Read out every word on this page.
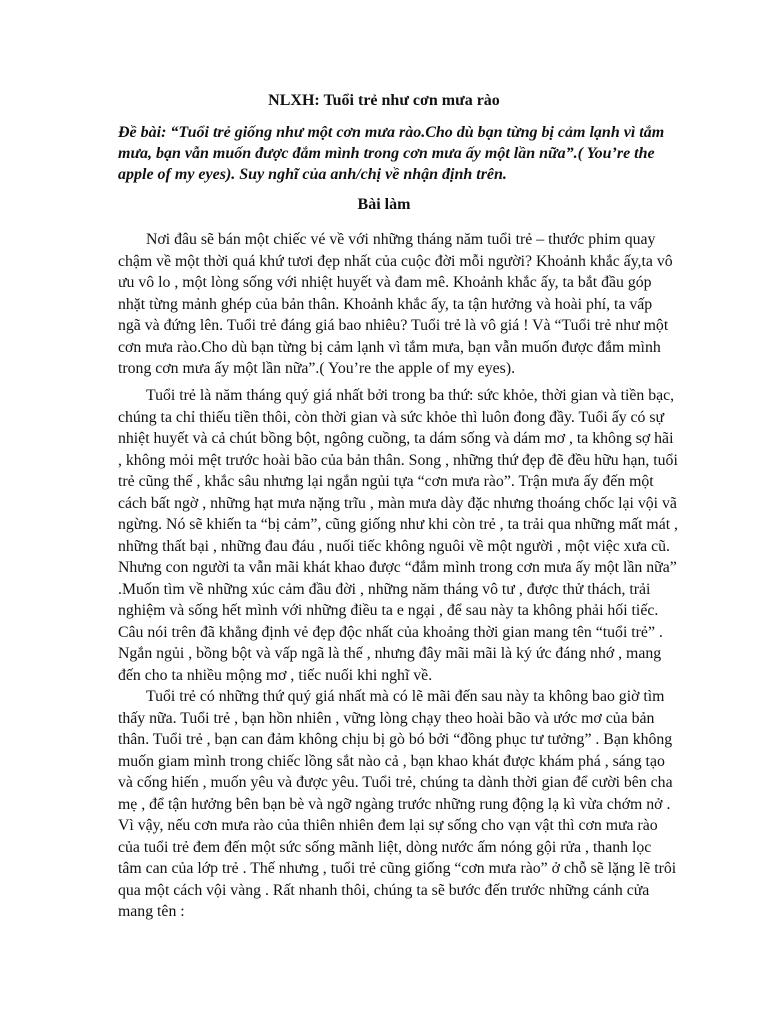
NLXH: Tuổi trẻ như cơn mưa rào

Đề bài: “Tuổi trẻ giống như một cơn mưa rào.Cho dù bạn từng bị cảm lạnh vì tắm mưa, bạn vẫn muốn được đắm mình trong cơn mưa ấy một lần nữa”.( You’re the apple of my eyes). Suy nghĩ của anh/chị về nhận định trên.

Bài làm

Nơi đâu sẽ bán một chiếc vé về với những tháng năm tuổi trẻ – thước phim quay chậm về một thời quá khứ tươi đẹp nhất của cuộc đời mỗi người? Khoảnh khắc ấy,ta vô ưu vô lo , một lòng sống với nhiệt huyết và đam mê. Khoảnh khắc ấy, ta bắt đầu góp nhặt từng mảnh ghép của bản thân. Khoảnh khắc ấy, ta tận hưởng và hoài phí, ta vấp ngã và đứng lên. Tuổi trẻ đáng giá bao nhiêu? Tuổi trẻ là vô giá ! Và “Tuổi trẻ như một cơn mưa rào.Cho dù bạn từng bị cảm lạnh vì tắm mưa, bạn vẫn muốn được đắm mình trong cơn mưa ấy một lần nữa”.( You’re the apple of my eyes).

Tuổi trẻ là năm tháng quý giá nhất bởi trong ba thứ: sức khỏe, thời gian và tiền bạc, chúng ta chỉ thiếu tiền thôi, còn thời gian và sức khỏe thì luôn đong đầy. Tuổi ấy có sự nhiệt huyết và cả chút bồng bột, ngông cuồng, ta dám sống và dám mơ , ta không sợ hãi , không mỏi mệt trước hoài bão của bản thân. Song , những thứ đẹp đẽ đều hữu hạn, tuổi trẻ cũng thế , khắc sâu nhưng lại ngắn ngủi tựa “cơn mưa rào”. Trận mưa ấy đến một cách bất ngờ , những hạt mưa nặng trĩu , màn mưa dày đặc nhưng thoáng chốc lại vội vã ngừng. Nó sẽ khiến ta “bị cảm”, cũng giống như khi còn trẻ , ta trải qua những mất mát , những thất bại , những đau đáu , nuối tiếc không nguôi về một người , một việc xưa cũ. Nhưng con người ta vẫn mãi khát khao được “đắm mình trong cơn mưa ấy một lần nữa” .Muốn tìm về những xúc cảm đầu đời , những năm tháng vô tư , được thử thách, trải nghiệm và sống hết mình với những điều ta e ngại , để sau này ta không phải hối tiếc. Câu nói trên đã khẳng định vẻ đẹp độc nhất của khoảng thời gian mang tên “tuổi trẻ” . Ngắn ngủi , bồng bột và vấp ngã là thế , nhưng đây mãi mãi là ký ức đáng nhớ , mang đến cho ta nhiều mộng mơ , tiếc nuối khi nghĩ về.

Tuổi trẻ có những thứ quý giá nhất mà có lẽ mãi đến sau này ta không bao giờ tìm thấy nữa. Tuổi trẻ , bạn hồn nhiên , vững lòng chạy theo hoài bão và ước mơ của bản thân. Tuổi trẻ , bạn can đảm không chịu bị gò bó bởi “đồng phục tư tưởng” . Bạn không muốn giam mình trong chiếc lồng sắt nào cả , bạn khao khát được khám phá , sáng tạo và cống hiến , muốn yêu và được yêu. Tuổi trẻ, chúng ta dành thời gian để cười bên cha mẹ , để tận hưởng bên bạn bè và ngỡ ngàng trước những rung động lạ kì vừa chớm nở . Vì vậy, nếu cơn mưa rào của thiên nhiên đem lại sự sống cho vạn vật thì cơn mưa rào của tuổi trẻ đem đến một sức sống mãnh liệt, dòng nước ấm nóng gội rửa , thanh lọc tâm can của lớp trẻ . Thế nhưng , tuổi trẻ cũng giống “cơn mưa rào” ở chỗ sẽ lặng lẽ trôi qua một cách vội vàng . Rất nhanh thôi, chúng ta sẽ bước đến trước những cánh cửa mang tên :
